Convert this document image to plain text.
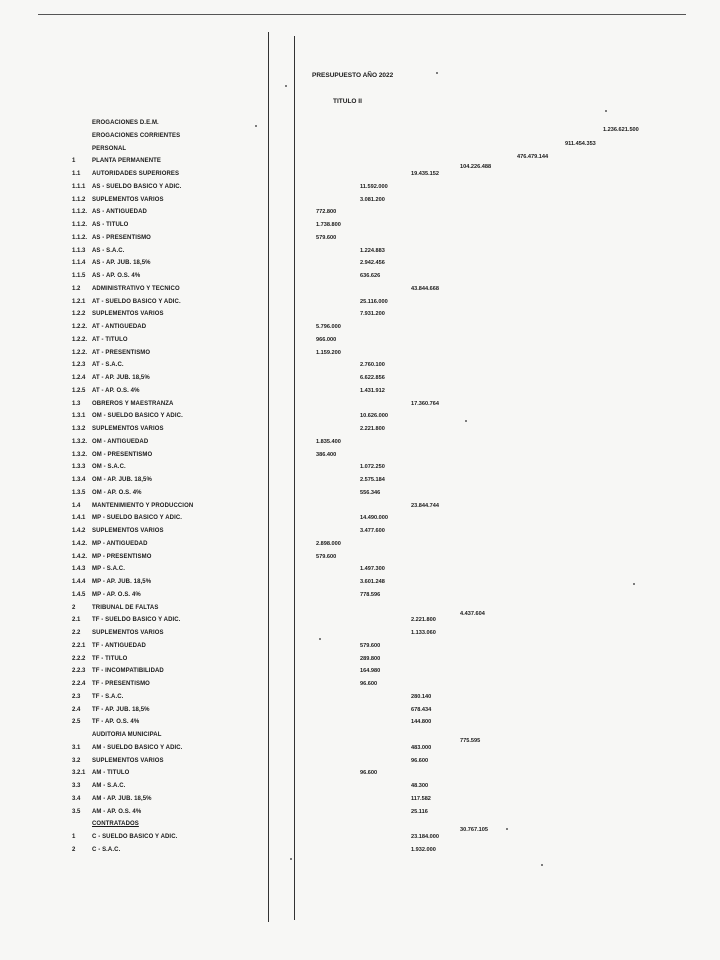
PRESUPUESTO AÑO 2022
TITULO II
EROGACIONES D.E.M.
1.236.621.500
EROGACIONES CORRIENTES
911.454.353
PERSONAL
476.479.144
1	PLANTA PERMANENTE
104.226.488
1.1 AUTORIDADES SUPERIORES	19.435.152
1.1.1 AS - SUELDO BASICO Y ADIC.	11.592.000
1.1.2 SUPLEMENTOS VARIOS	3.081.200
1.1.2. AS - ANTIGUEDAD	772.800
1.1.2. AS - TITULO	1.738.800
1.1.2. AS - PRESENTISMO	579.600
1.1.3 AS - S.A.C.	1.224.883
1.1.4 AS - AP. JUB. 18,5%	2.942.456
1.1.5 AS - AP. O.S. 4%	636.626
1.2 ADMINISTRATIVO Y TECNICO	43.844.668
1.2.1 AT - SUELDO BASICO Y ADIC.	25.116.000
1.2.2 SUPLEMENTOS VARIOS	7.931.200
1.2.2. AT - ANTIGUEDAD	5.796.000
1.2.2. AT - TITULO	966.000
1.2.2. AT - PRESENTISMO	1.159.200
1.2.3 AT - S.A.C.	2.760.100
1.2.4 AT - AP. JUB. 18,5%	6.622.856
1.2.5 AT - AP. O.S. 4%	1.431.912
1.3 OBREROS Y MAESTRANZA	17.360.764
1.3.1 OM - SUELDO BASICO Y ADIC.	10.626.000
1.3.2 SUPLEMENTOS VARIOS	2.221.800
1.3.2. OM - ANTIGUEDAD	1.835.400
1.3.2. OM - PRESENTISMO	386.400
1.3.3 OM - S.A.C.	1.072.250
1.3.4 OM - AP. JUB. 18,5%	2.575.184
1.3.5 OM - AP. O.S. 4%	556.346
1.4 MANTENIMIENTO Y PRODUCCION	23.844.744
1.4.1 MP - SUELDO BASICO Y ADIC.	14.490.000
1.4.2 SUPLEMENTOS VARIOS	3.477.600
1.4.2. MP - ANTIGUEDAD	2.898.000
1.4.2. MP - PRESENTISMO	579.600
1.4.3 MP - S.A.C.	1.497.300
1.4.4 MP - AP. JUB. 18,5%	3.601.248
1.4.5 MP - AP. O.S. 4%	778.596
2	TRIBUNAL DE FALTAS
4.437.604
2.1 TF - SUELDO BASICO Y ADIC.	2.221.800
2.2 SUPLEMENTOS VARIOS	1.133.060
2.2.1 TF - ANTIGUEDAD	579.600
2.2.2 TF - TITULO	289.800
2.2.3 TF - INCOMPATIBILIDAD	164.980
2.2.4 TF - PRESENTISMO	96.600
2.3 TF - S.A.C.	280.140
2.4 TF - AP. JUB. 18,5%	678.434
2.5 TF - AP. O.S. 4%	144.800
AUDITORIA MUNICIPAL
775.595
3.1 AM - SUELDO BASICO Y ADIC.	483.000
3.2 SUPLEMENTOS VARIOS	96.600
3.2.1 AM - TITULO	96.600
3.3 AM - S.A.C.	48.300
3.4 AM - AP. JUB. 18,5%	117.582
3.5 AM - AP. O.S. 4%	25.116
CONTRATADOS
30.767.105
1	C - SUELDO BASICO Y ADIC.	23.184.000
2	C - S.A.C.	1.932.000
